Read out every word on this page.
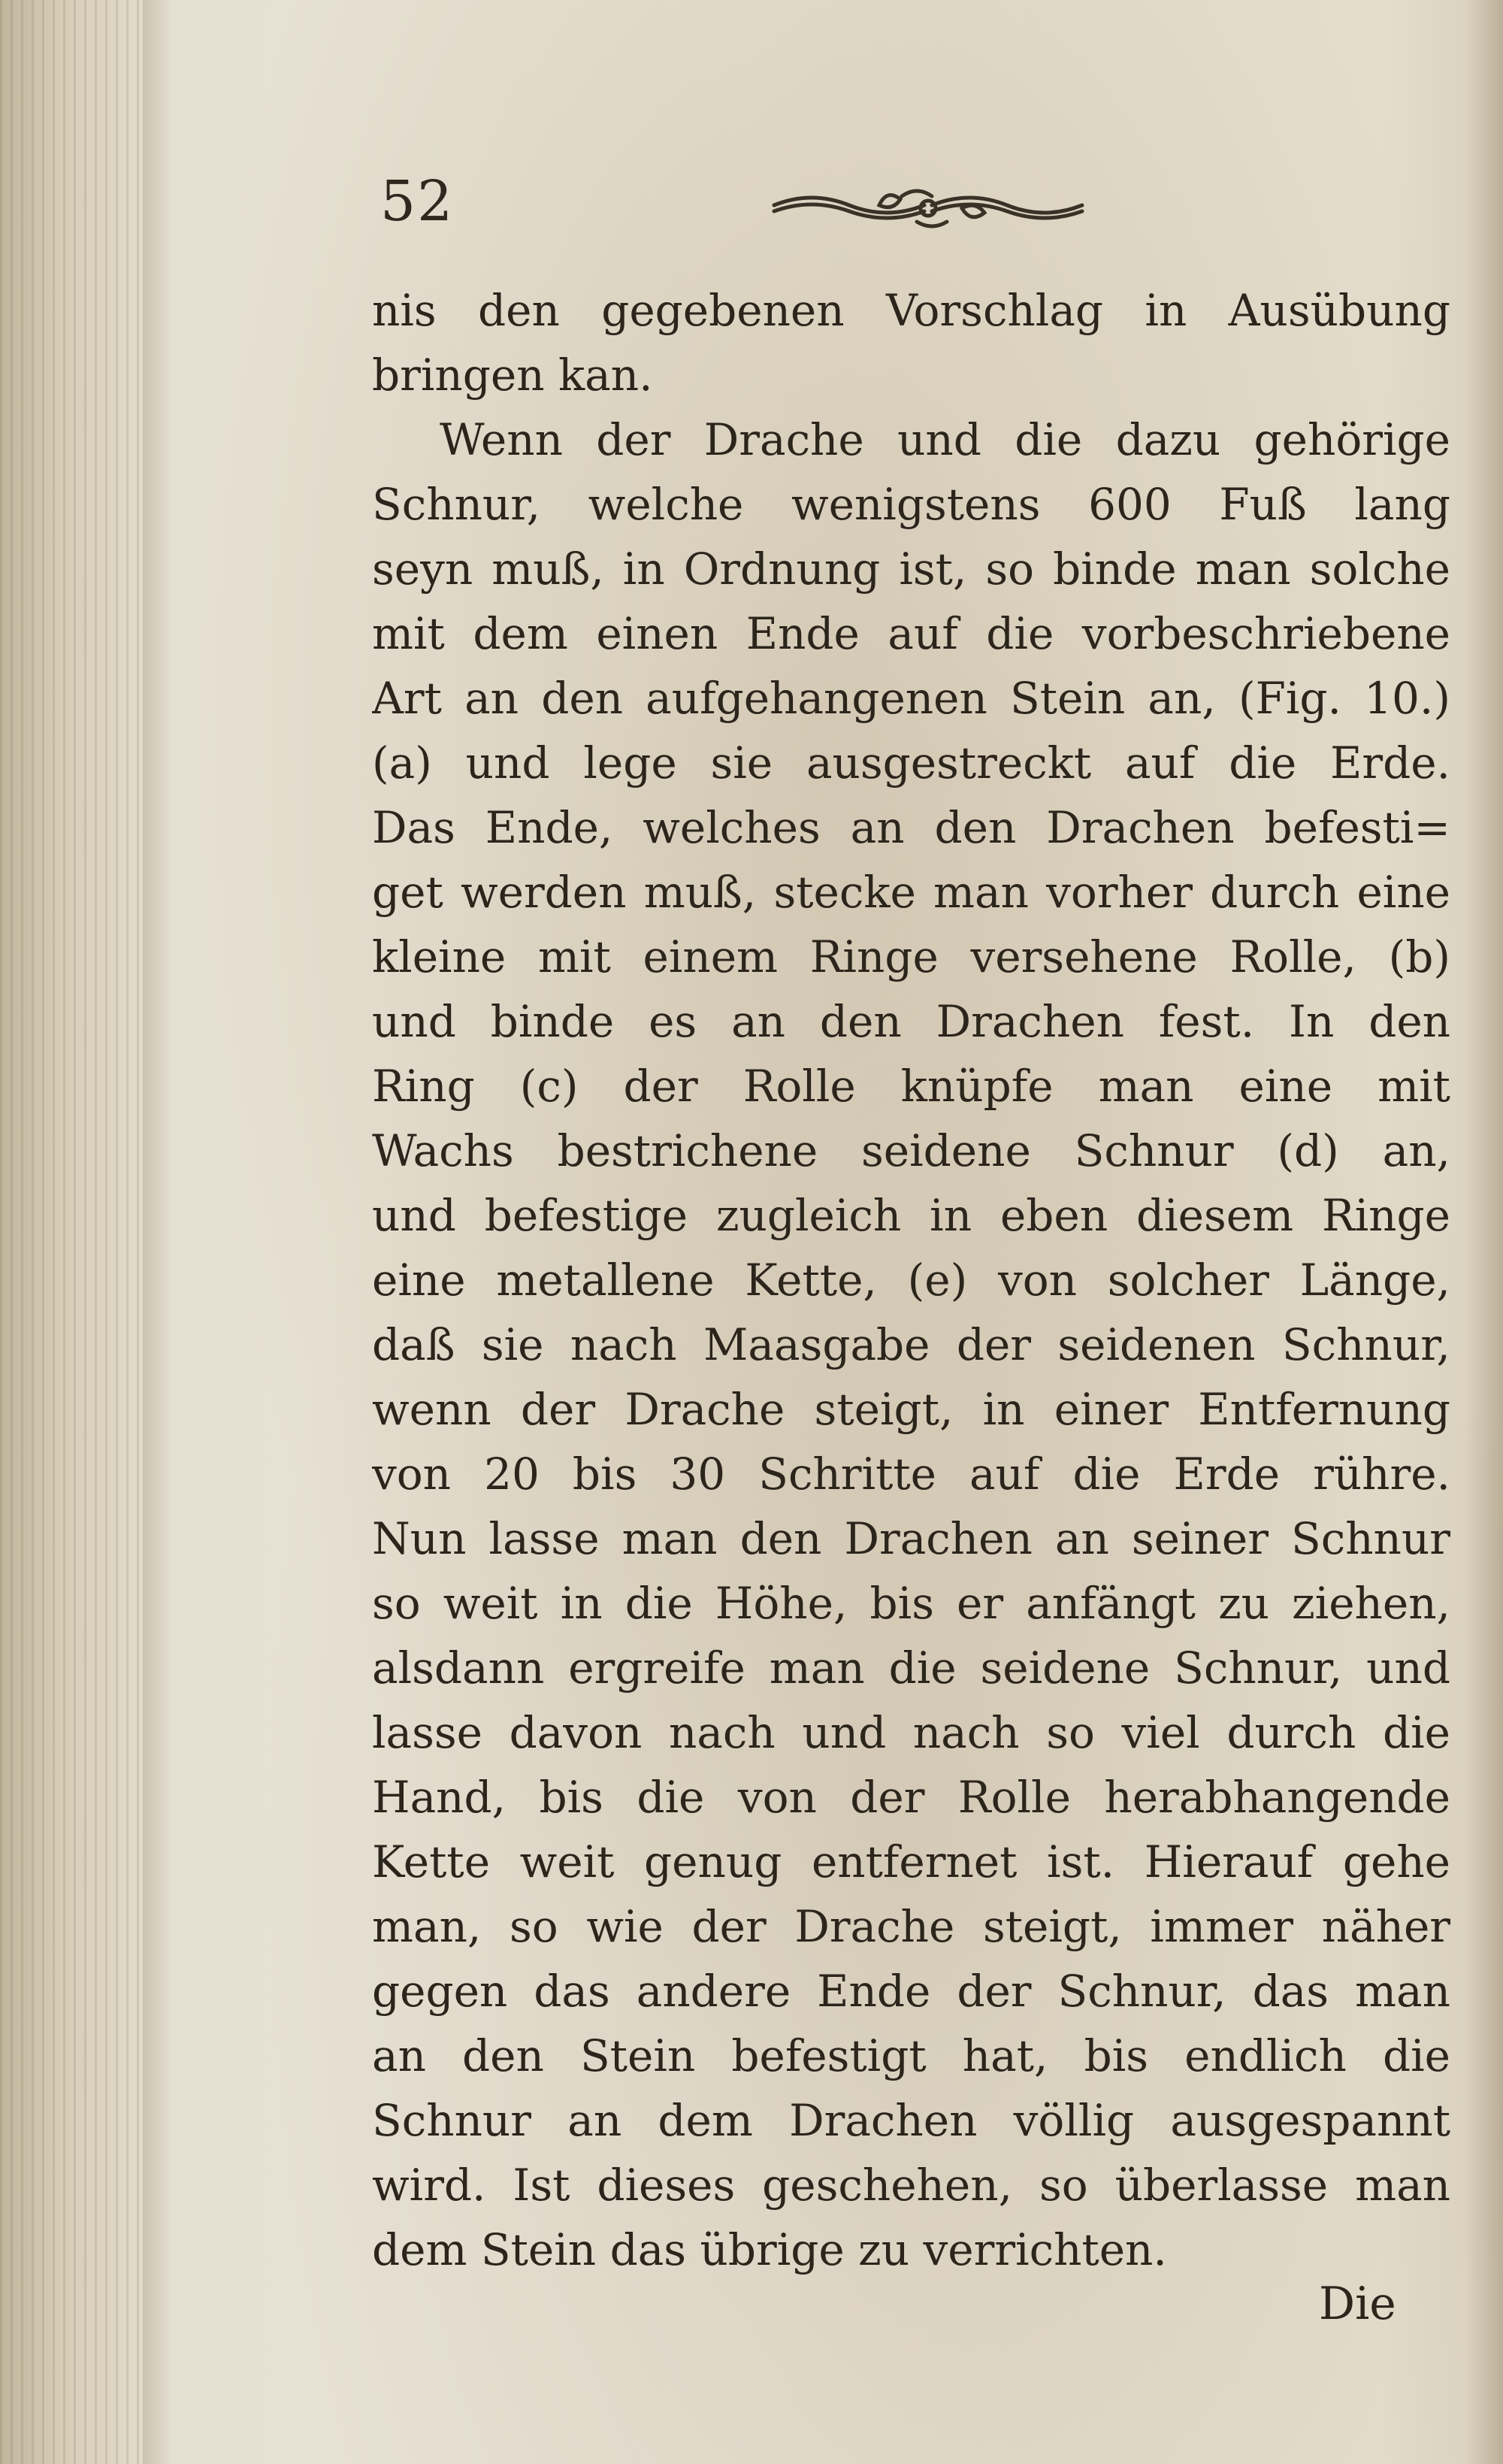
52
nis den gegebenen Vorschlag in Ausübung
bringen kan.
Wenn der Drache und die dazu gehörige
Schnur, welche wenigstens 600 Fuß lang
seyn muß, in Ordnung ist, so binde man solche
mit dem einen Ende auf die vorbeschriebene
Art an den aufgehangenen Stein an, (Fig. 10.)
(a) und lege sie ausgestreckt auf die Erde.
Das Ende, welches an den Drachen befesti=
get werden muß, stecke man vorher durch eine
kleine mit einem Ringe versehene Rolle, (b)
und binde es an den Drachen fest. In den
Ring (c) der Rolle knüpfe man eine mit
Wachs bestrichene seidene Schnur (d) an,
und befestige zugleich in eben diesem Ringe
eine metallene Kette, (e) von solcher Länge,
daß sie nach Maasgabe der seidenen Schnur,
wenn der Drache steigt, in einer Entfernung
von 20 bis 30 Schritte auf die Erde rühre.
Nun lasse man den Drachen an seiner Schnur
so weit in die Höhe, bis er anfängt zu ziehen,
alsdann ergreife man die seidene Schnur, und
lasse davon nach und nach so viel durch die
Hand, bis die von der Rolle herabhangende
Kette weit genug entfernet ist. Hierauf gehe
man, so wie der Drache steigt, immer näher
gegen das andere Ende der Schnur, das man
an den Stein befestigt hat, bis endlich die
Schnur an dem Drachen völlig ausgespannt
wird. Ist dieses geschehen, so überlasse man
dem Stein das übrige zu verrichten.
Die
